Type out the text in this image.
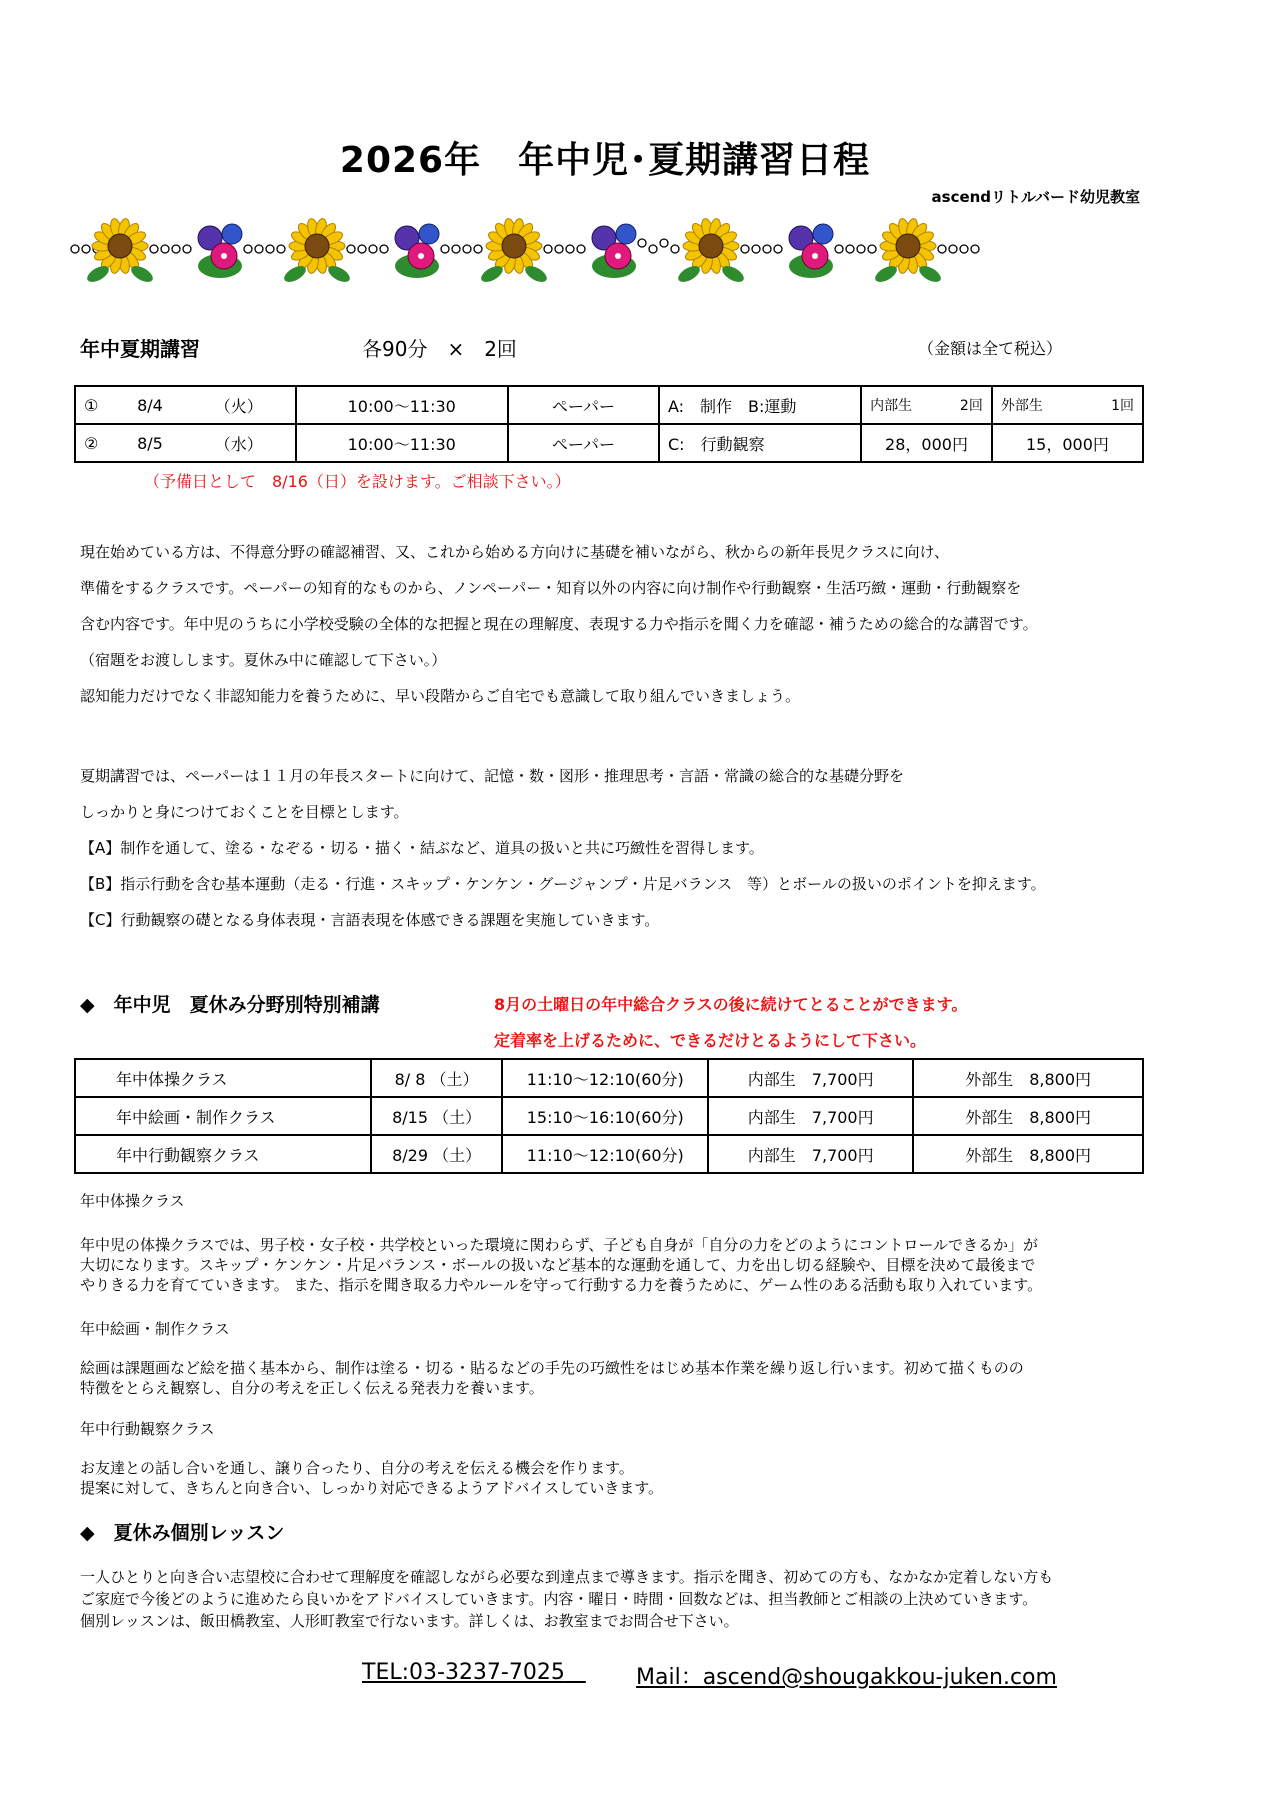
2026年　年中児･夏期講習日程
ascendリトルバード幼児教室
年中夏期講習	各90分　×　2回	（金額は全て税込）
①	8/4	（火）	10:00～11:30	ペーパー	A:　制作　B:運動	内部生 2回	外部生 1回

②	8/5	（水）	10:00～11:30	ペーパー	C:　行動観察	28，000円	15，000円
（予備日として　8/16（日）を設けます。ご相談下さい。）
現在始めている方は、不得意分野の確認補習、又、これから始める方向けに基礎を補いながら、秋からの新年長児クラスに向け、
準備をするクラスです。ペーパーの知育的なものから、ノンペーパー・知育以外の内容に向け制作や行動観察・生活巧緻・運動・行動観察を
含む内容です。年中児のうちに小学校受験の全体的な把握と現在の理解度、表現する力や指示を聞く力を確認・補うための総合的な講習です。
（宿題をお渡しします。夏休み中に確認して下さい。）
認知能力だけでなく非認知能力を養うために、早い段階からご自宅でも意識して取り組んでいきましょう。
夏期講習では、ペーパーは１１月の年長スタートに向けて、記憶・数・図形・推理思考・言語・常識の総合的な基礎分野を
しっかりと身につけておくことを目標とします。
【A】制作を通して、塗る・なぞる・切る・描く・結ぶなど、道具の扱いと共に巧緻性を習得します。
【B】指示行動を含む基本運動（走る・行進・スキップ・ケンケン・グージャンプ・片足バランス　等）とボールの扱いのポイントを抑えます。
【C】行動観察の礎となる身体表現・言語表現を体感できる課題を実施していきます。
◆　年中児　夏休み分野別特別補講	8月の土曜日の年中総合クラスの後に続けてとることができます。
定着率を上げるために、できるだけとるようにして下さい。
年中体操クラス	8/ 8 （土）	11:10～12:10(60分)	内部生　7,700円	外部生　8,800円
年中絵画・制作クラス	8/15 （土）	15:10～16:10(60分)	内部生　7,700円	外部生　8,800円
年中行動観察クラス	8/29 （土）	11:10～12:10(60分)	内部生　7,700円	外部生　8,800円
年中体操クラス
年中児の体操クラスでは、男子校・女子校・共学校といった環境に関わらず、子ども自身が「自分の力をどのようにコントロールできるか」が
大切になります。スキップ・ケンケン・片足バランス・ボールの扱いなど基本的な運動を通して、力を出し切る経験や、目標を決めて最後まで
やりきる力を育てていきます。 また、指示を聞き取る力やルールを守って行動する力を養うために、ゲーム性のある活動も取り入れています。
年中絵画・制作クラス
絵画は課題画など絵を描く基本から、制作は塗る・切る・貼るなどの手先の巧緻性をはじめ基本作業を繰り返し行います。初めて描くものの
特徴をとらえ観察し、自分の考えを正しく伝える発表力を養います。
年中行動観察クラス
お友達との話し合いを通し、譲り合ったり、自分の考えを伝える機会を作ります。
提案に対して、きちんと向き合い、しっかり対応できるようアドバイスしていきます。
◆　夏休み個別レッスン
一人ひとりと向き合い志望校に合わせて理解度を確認しながら必要な到達点まで導きます。指示を聞き、初めての方も、なかなか定着しない方も
ご家庭で今後どのように進めたら良いかをアドバイスしていきます。内容・曜日・時間・回数などは、担当教師とご相談の上決めていきます。
個別レッスンは、飯田橋教室、人形町教室で行ないます。詳しくは、お教室までお問合せ下さい。
TEL:03-3237-7025	Mail：ascend@shougakkou-juken.com
